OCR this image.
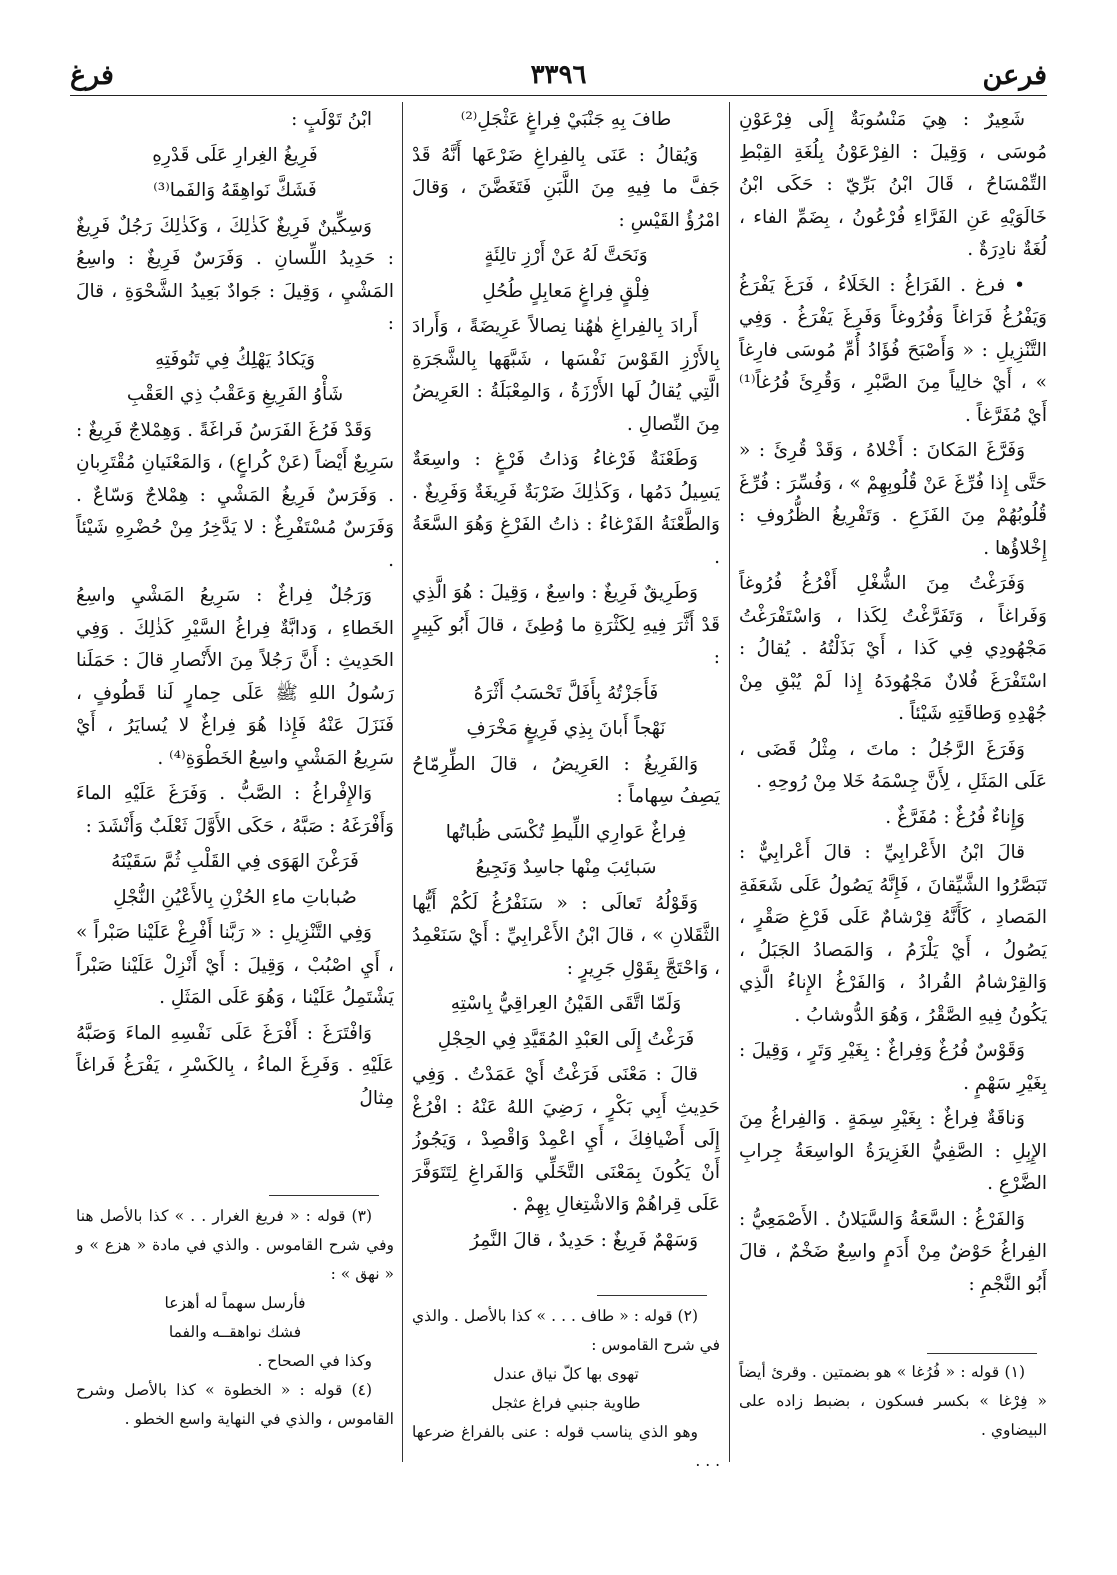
فرعن
٣٣٩٦
فرغ
شَعِيرٌ : هِيَ مَنْسُوبَةٌ إِلَى فِرْعَوْنِ مُوسَى ، وَقِيلَ : الفِرْعَوْنُ بِلُغَةِ القِبْطِ التِّمْسَاحُ ، قَالَ ابْنُ بَرِّيّ : حَكَى ابْنُ خَالَوَيْهِ عَنِ الفَرَّاءِ فُرْعُونُ ، بِضَمِّ الفاء ، لُغَةٌ نادِرَةٌ .
• فرغ . الفَرَاغُ : الخَلَاءُ ، فَرَغَ يَفْرَغُ وَيَفْرُغُ فَرَاغاً وَفُرُوغاً وَفَرِغَ يَفْرَغُ . وَفِي التَّنْزِيلِ : « وَأَصْبَحَ فُؤَادُ أُمِّ مُوسَى فارِغاً » ، أَيْ خالِياً مِنَ الصَّبْرِ ، وَقُرِئَ فُرُغاً⁽¹⁾ أَيْ مُفَرَّغاً .
وَفَرَّغَ المَكانَ : أَخْلاهُ ، وَقَدْ قُرِئَ : « حَتَّى إِذا فُرِّغَ عَنْ قُلُوبِهِمْ » ، وَفُسِّرَ : فُرِّغَ قُلُوبُهُمْ مِنَ الفَزَعِ . وَتَفْرِيغُ الظُّرُوفِ : إِخْلاؤُها .
وَفَرَغْتُ مِنَ الشُّغْلِ أَفْرُغُ فُرُوغاً وَفَراغاً ، وَتَفَرَّغْتُ لِكَذا ، وَاسْتَفْرَغْتُ مَجْهُودِي فِي كَذا ، أَيْ بَذَلْتُهُ . يُقالُ : اسْتَفْرَغَ فُلانٌ مَجْهُودَهُ إِذا لَمْ يُبْقِ مِنْ جُهْدِهِ وَطاقَتِهِ شَيْئاً .
وَفَرَغَ الرَّجُلُ : ماتَ ، مِثْلُ قَضَى ، عَلَى المَثَلِ ، لِأَنَّ جِسْمَهُ خَلا مِنْ رُوحِهِ .
وَإِناءٌ فُرُغٌ : مُفَرَّغٌ .
قالَ ابْنُ الأَعْرابِيِّ : قالَ أَعْرابِيٌّ : تَبَصَّرُوا الشَّيِّقانَ ، فَإِنَّهُ يَصُولُ عَلَى شَعَفَةِ المَصادِ ، كَأَنَّهُ قِرْشامٌ عَلَى فَرْغِ صَقْرٍ ، يَصُولُ ، أَيْ يَلْزَمُ ، وَالمَصادُ الجَبَلُ ، وَالقِرْشامُ القُرادُ ، وَالفَرْغُ الإِناءُ الَّذِي يَكُونُ فِيهِ الصَّقْرُ ، وَهُوَ الدُّوشابُ .
وَقَوْسٌ فُرُغٌ وَفِراغٌ : بِغَيْرِ وَتَرٍ ، وَقِيلَ : بِغَيْرِ سَهْمٍ .
وَناقَةٌ فِراغٌ : بِغَيْرِ سِمَةٍ . وَالفِراغُ مِنَ الإِبِلِ : الصَّفِيُّ الغَزِيرَةُ الواسِعَةُ جِرابِ الضَّرْعِ .
وَالفَرْغُ : السَّعَةُ وَالسَّيَلانُ . الأَصْمَعِيُّ : الفِراغُ حَوْضٌ مِنْ أَدَمٍ واسِعٌ ضَخْمٌ ، قالَ أَبُو النَّجْمِ :
طافَ بِهِ جَنْبَيْ فِراغٍ عَثْجَلِ⁽²⁾
وَيُقالُ : عَنَى بِالفِراغِ ضَرْعَها أَنَّهُ قَدْ جَفَّ ما فِيهِ مِنَ اللَّبَنِ فَتَغَضَّنَ ، وَقالَ امْرُؤُ القَيْسِ :
وَنَحَتَّ لَهُ عَنْ أَرْزِ تالِئَةٍ
فِلْقٍ فِراغٍ مَعابِلٍ طُحُلِ
أَرادَ بِالفِراغِ هٰهُنا نِصالاً عَرِيضَةً ، وَأَرادَ بِالأَرْزِ القَوْسَ نَفْسَها ، شَبَّهَها بِالشَّجَرَةِ الَّتِي يُقالُ لَها الأَرْزَةُ ، وَالمِعْبَلَةُ : العَرِيضُ مِنَ النِّصالِ .
وَطَعْنَةٌ فَرْغاءُ وَذاتُ فَرْغٍ : واسِعَةٌ يَسِيلُ دَمُها ، وَكَذٰلِكَ ضَرْبَةٌ فَرِيغَةٌ وَفَرِيغٌ . وَالطَّعْنَةُ الفَرْغاءُ : ذاتُ الفَرْغِ وَهُوَ السَّعَةُ .
وَطَرِيقٌ فَرِيغٌ : واسِعٌ ، وَقِيلَ : هُوَ الَّذِي قَدْ أَثَّرَ فِيهِ لِكَثْرَةِ ما وُطِئَ ، قالَ أَبُو كَبِيرٍ :
فَأَجَزْتُهُ بِأَفَلَّ تَحْسَبُ أَثْرَهُ
نَهْجاً أَبانَ بِذِي فَرِيغٍ مَخْرَفِ
وَالفَرِيغُ : العَرِيضُ ، قالَ الطِّرِمّاحُ يَصِفُ سِهاماً :
فِراغٌ عَوارِي اللِّيطِ تُكْسَى ظُباتُها
سَبائِبَ مِنْها جاسِدٌ وَنَجِيعُ
وَقَوْلُهُ تَعالَى : « سَنَفْرُغُ لَكُمْ أَيُّها الثَّقَلانِ » ، قالَ ابْنُ الأَعْرابِيِّ : أَيْ سَنَعْمِدُ ، وَاحْتَجَّ بِقَوْلِ جَرِيرٍ :
وَلَمّا اتَّقَى القَيْنُ العِراقِيُّ بِاسْتِهِ
فَرَغْتُ إِلَى العَبْدِ المُقَيَّدِ فِي الحِجْلِ
قالَ : مَعْنَى فَرَغْتُ أَيْ عَمَدْتُ . وَفِي حَدِيثِ أَبِي بَكْرٍ ، رَضِيَ اللهُ عَنْهُ : افْرُغْ إِلَى أَضْيافِكَ ، أَيِ اعْمِدْ وَاقْصِدْ ، وَيَجُوزُ أَنْ يَكُونَ بِمَعْنَى التَّخَلِّي وَالفَراغِ لِتَتَوَفَّرَ عَلَى قِراهُمْ وَالاشْتِغالِ بِهِمْ .
وَسَهْمٌ فَرِيغٌ : حَدِيدٌ ، قالَ النَّمِرُ
ابْنُ تَوْلَبٍ :
فَرِيغُ الغِرارِ عَلَى قَدْرِهِ
فَشَكَّ نَواهِقَهُ وَالفَما⁽³⁾
وَسِكِّينٌ فَرِيغٌ كَذٰلِكَ ، وَكَذٰلِكَ رَجُلٌ فَرِيغٌ : حَدِيدُ اللِّسانِ . وَفَرَسٌ فَرِيغٌ : واسِعُ المَشْيِ ، وَقِيلَ : جَوادٌ بَعِيدُ الشَّحْوَةِ ، قالَ :
وَيَكادُ يَهْلِكُ فِي تَنُوفَتِهِ
شَأْوُ الفَرِيغِ وَعَقْبُ ذِي العَقْبِ
وَقَدْ فَرُغَ الفَرَسُ فَراغَةً . وَهِمْلاجٌ فَرِيغٌ : سَرِيعٌ أَيْضاً (عَنْ كُراعٍ) ، وَالمَعْنَيانِ مُقْتَرِبانِ . وَفَرَسٌ فَرِيغُ المَشْيِ : هِمْلاجٌ وَسّاعٌ . وَفَرَسٌ مُسْتَفْرِغٌ : لا يَدَّخِرُ مِنْ حُضْرِهِ شَيْئاً .
وَرَجُلٌ فِراغٌ : سَرِيعُ المَشْيِ واسِعُ الخَطاءِ ، وَدابَّةٌ فِراغُ السَّيْرِ كَذٰلِكَ . وَفِي الحَدِيثِ : أَنَّ رَجُلاً مِنَ الأَنْصارِ قالَ : حَمَلَنا رَسُولُ اللهِ ﷺ عَلَى حِمارٍ لَنا قَطُوفٍ ، فَنَزَلَ عَنْهُ فَإِذا هُوَ فِراغٌ لا يُسايَرُ ، أَيْ سَرِيعُ المَشْيِ واسِعُ الخَطْوَةِ⁽⁴⁾ .
وَالإِفْراغُ : الصَّبُّ . وَفَرَغَ عَلَيْهِ الماءَ وَأَفْرَغَهُ : صَبَّهُ ، حَكَى الأَوَّلَ ثَعْلَبٌ وَأَنْشَدَ :
فَرَغْنَ الهَوَى فِي القَلْبِ ثُمَّ سَقَيْنَهُ
صُباباتِ ماءِ الحُزْنِ بِالأَعْيُنِ النُّجْلِ
وَفِي التَّنْزِيلِ : « رَبَّنا أَفْرِغْ عَلَيْنا صَبْراً » ، أَيِ اصْبُبْ ، وَقِيلَ : أَيْ أَنْزِلْ عَلَيْنا صَبْراً يَشْتَمِلُ عَلَيْنا ، وَهُوَ عَلَى المَثَلِ .
وَافْتَرَغَ : أَفْرَغَ عَلَى نَفْسِهِ الماءَ وَصَبَّهُ عَلَيْهِ . وَفَرِغَ الماءُ ، بِالكَسْرِ ، يَفْرَغُ فَراغاً مِثالُ
(١) قوله : « فُرُغا » هو بضمتين . وقرئ أيضاً « فِرْغا » بكسر فسكون ، بضبط زاده على البيضاوي .
(٢) قوله : « طاف . . . » كذا بالأصل . والذي في شرح القاموس :
تهوى بها كلّ نياق عندل
طاوية جنبي فراغ عثجل
وهو الذي يناسب قوله : عنى بالفراغ ضرعها . . .
(٣) قوله : « فريغ الغرار . . » كذا بالأصل هنا وفي شرح القاموس . والذي في مادة « هزع » و « نهق » :
فأرسل سهماً له أهزعا
فشك نواهقــه والفما
وكذا في الصحاح .
(٤) قوله : « الخطوة » كذا بالأصل وشرح القاموس ، والذي في النهاية واسع الخطو .
